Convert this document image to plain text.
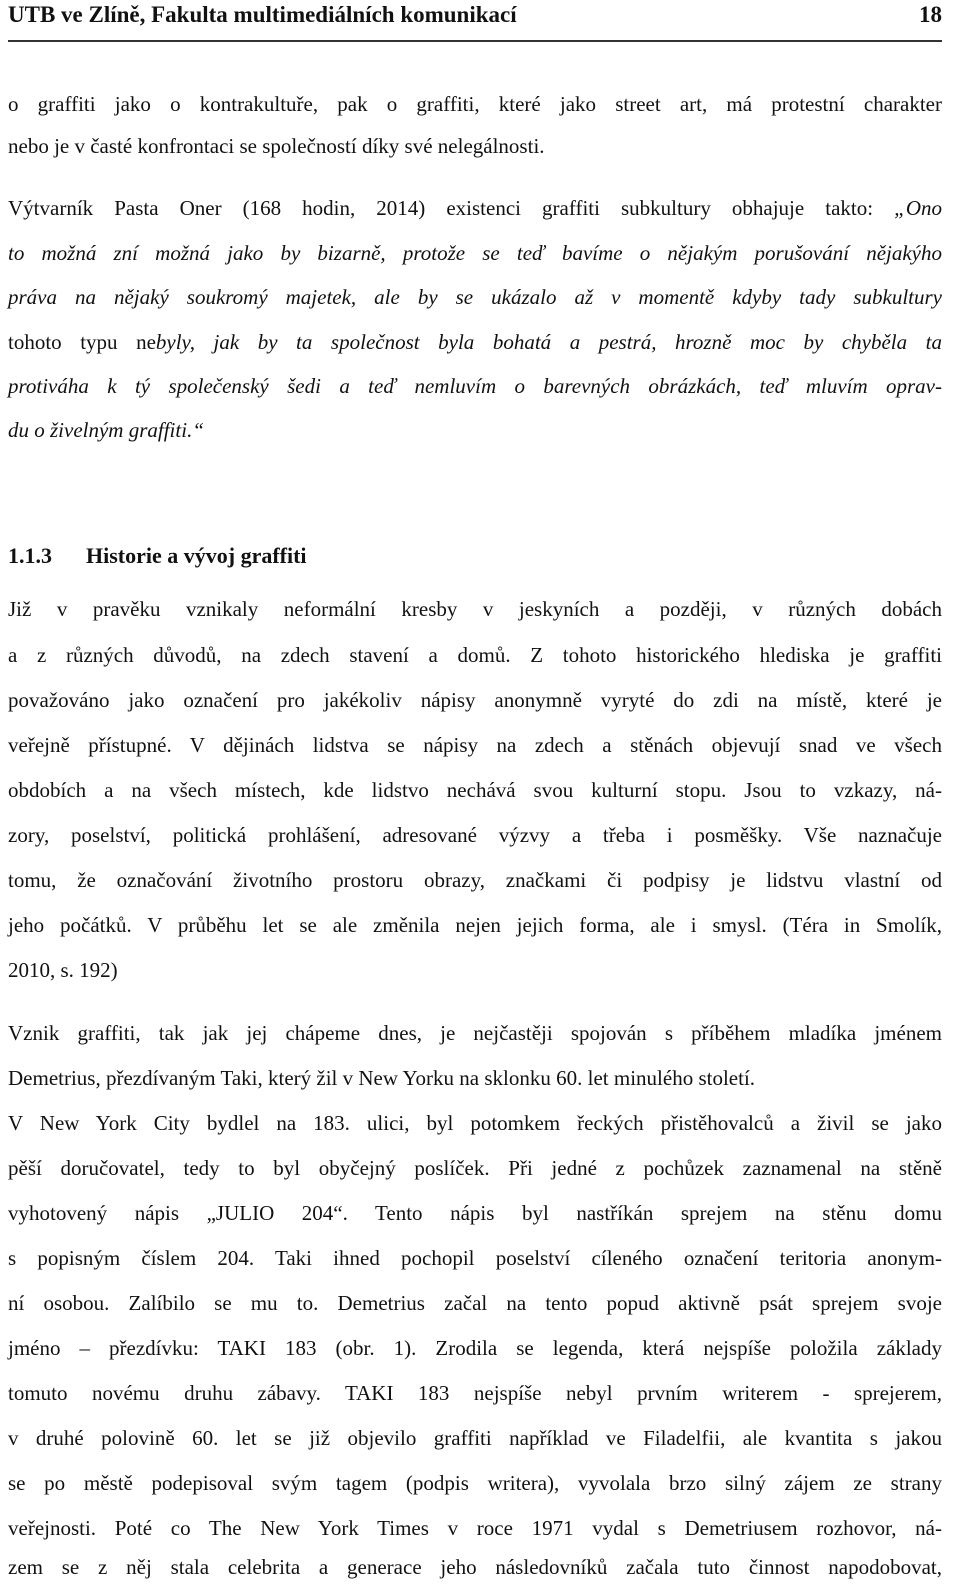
UTB ve Zlíně, Fakulta multimediálních komunikací	18
o graffiti jako o kontrakultuře, pak o graffiti, které jako street art, má protestní charakter
nebo je v časté konfrontaci se společností díky své nelegálnosti.
Výtvarník Pasta Oner (168 hodin, 2014) existenci graffiti subkultury obhajuje takto: „Ono
to možná zní možná jako by bizarně, protože se teď bavíme o nějakým porušování nějakýho
práva na nějaký soukromý majetek, ale by se ukázalo až v momentě kdyby tady subkultury
tohoto typu nebyly, jak by ta společnost byla bohatá a pestrá, hrozně moc by chyběla ta
protiváha k tý společenský šedi a teď nemluvím o barevných obrázkách, teď mluvím oprav-
du o živelným graffiti.“
1.1.3 Historie a vývoj graffiti
Již v pravěku vznikaly neformální kresby v jeskyních a později, v různých dobách
a z různých důvodů, na zdech stavení a domů. Z tohoto historického hlediska je graffiti
považováno jako označení pro jakékoliv nápisy anonymně vyryté do zdi na místě, které je
veřejně přístupné. V dějinách lidstva se nápisy na zdech a stěnách objevují snad ve všech
obdobích a na všech místech, kde lidstvo nechává svou kulturní stopu. Jsou to vzkazy, ná-
zory, poselství, politická prohlášení, adresované výzvy a třeba i posměšky. Vše naznačuje
tomu, že označování životního prostoru obrazy, značkami či podpisy je lidstvu vlastní od
jeho počátků. V průběhu let se ale změnila nejen jejich forma, ale i smysl. (Téra in Smolík,
2010, s. 192)
Vznik graffiti, tak jak jej chápeme dnes, je nejčastěji spojován s příběhem mladíka jménem
Demetrius, přezdívaným Taki, který žil v New Yorku na sklonku 60. let minulého století.
V New York City bydlel na 183. ulici, byl potomkem řeckých přistěhovalců a živil se jako
pěší doručovatel, tedy to byl obyčejný poslíček. Při jedné z pochůzek zaznamenal na stěně
vyhotovený nápis „JULIO 204“. Tento nápis byl nastříkán sprejem na stěnu domu
s popisným číslem 204. Taki ihned pochopil poselství cíleného označení teritoria anonym-
ní osobou. Zalíbilo se mu to. Demetrius začal na tento popud aktivně psát sprejem svoje
jméno – přezdívku: TAKI 183 (obr. 1). Zrodila se legenda, která nejspíše položila základy
tomuto novému druhu zábavy. TAKI 183 nejspíše nebyl prvním writerem - sprejerem,
v druhé polovině 60. let se již objevilo graffiti například ve Filadelfii, ale kvantita s jakou
se po městě podepisoval svým tagem (podpis writera), vyvolala brzo silný zájem ze strany
veřejnosti. Poté co The New York Times v roce 1971 vydal s Demetriusem rozhovor, ná-
zem se z něj stala celebrita a generace jeho následovníků začala tuto činnost napodobovat,
